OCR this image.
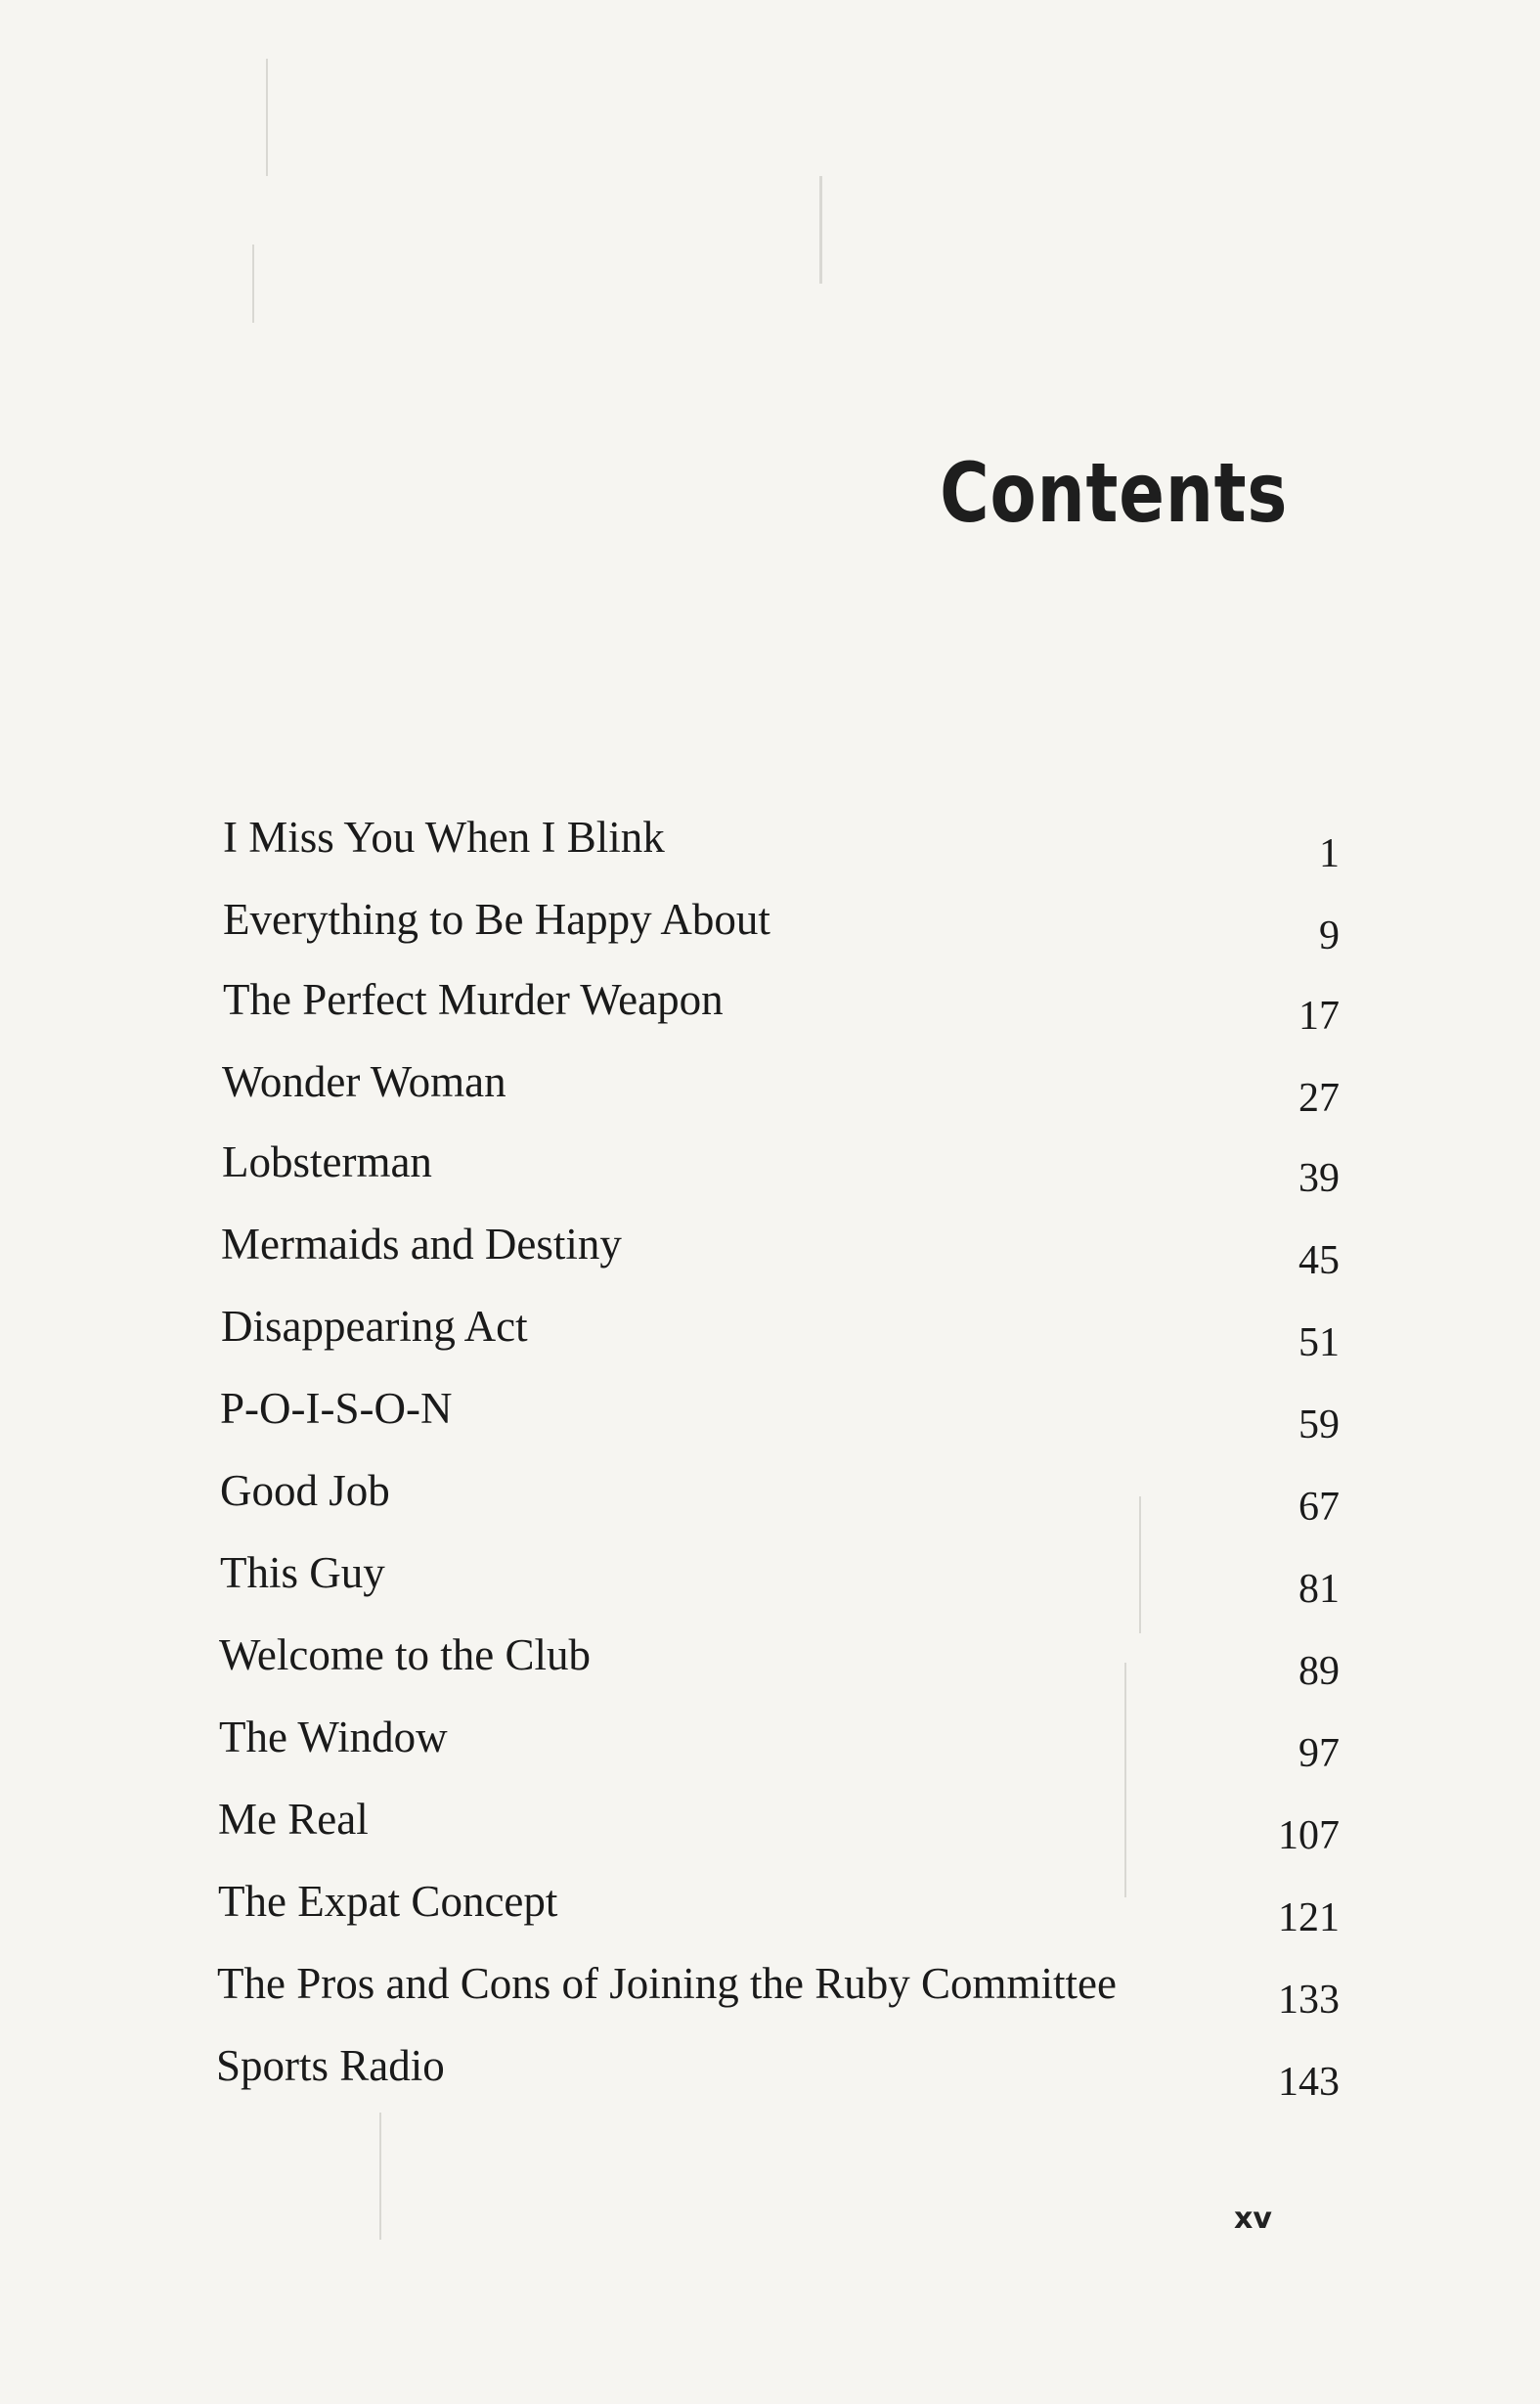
Contents
I Miss You When I Blink	1
Everything to Be Happy About	9
The Perfect Murder Weapon	17
Wonder Woman	27
Lobsterman	39
Mermaids and Destiny	45
Disappearing Act	51
P-O-I-S-O-N	59
Good Job	67
This Guy	81
Welcome to the Club	89
The Window	97
Me Real	107
The Expat Concept	121
The Pros and Cons of Joining the Ruby Committee	133
Sports Radio	143
xv
